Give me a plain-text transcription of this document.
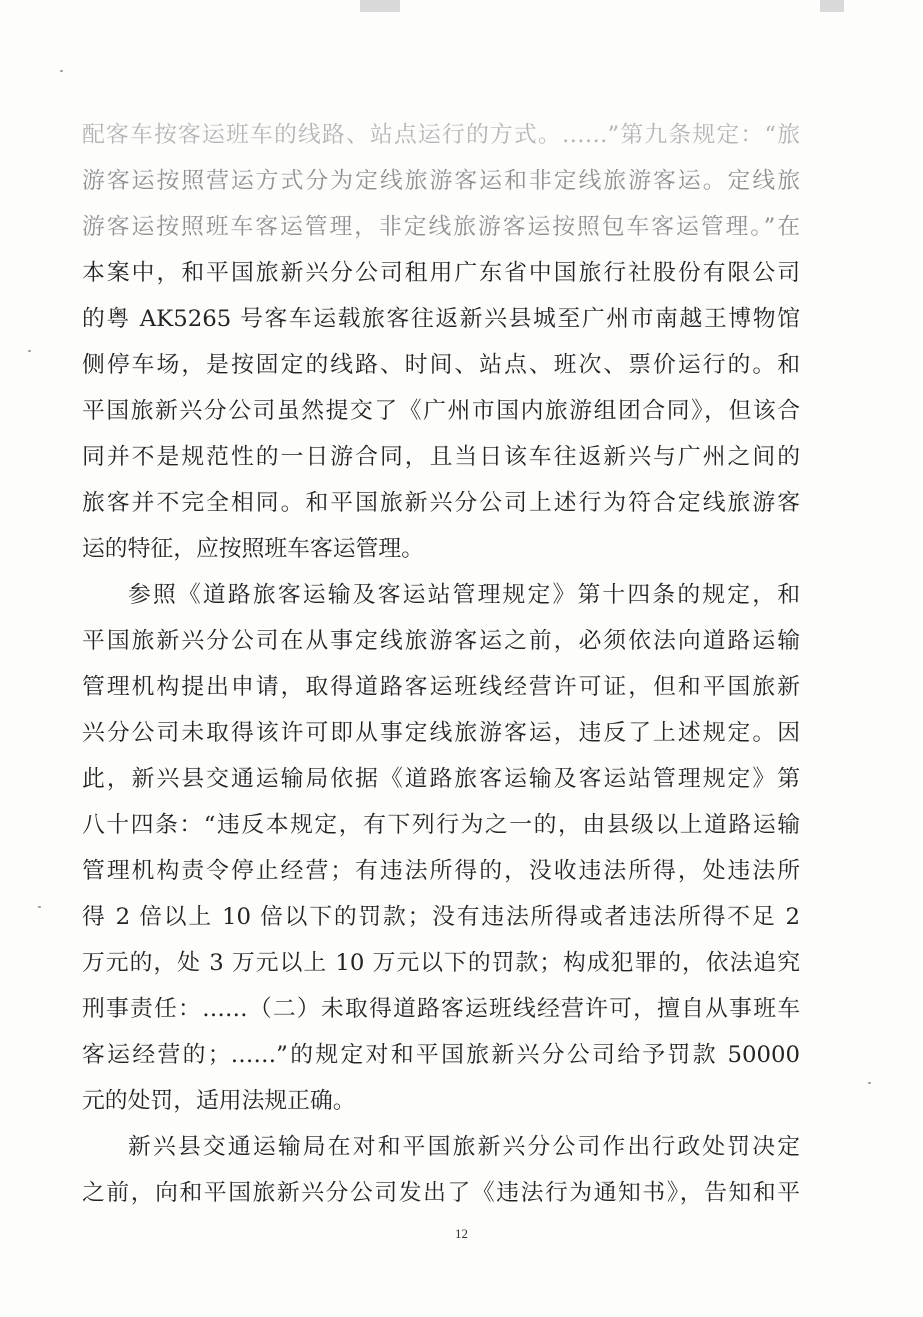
配客车按客运班车的线路、站点运行的方式。……”第九条规定：“旅
游客运按照营运方式分为定线旅游客运和非定线旅游客运。定线旅
游客运按照班车客运管理，非定线旅游客运按照包车客运管理。”在
本案中，和平国旅新兴分公司租用广东省中国旅行社股份有限公司
的粤 AK5265 号客车运载旅客往返新兴县城至广州市南越王博物馆
侧停车场，是按固定的线路、时间、站点、班次、票价运行的。和
平国旅新兴分公司虽然提交了《广州市国内旅游组团合同》，但该合
同并不是规范性的一日游合同，且当日该车往返新兴与广州之间的
旅客并不完全相同。和平国旅新兴分公司上述行为符合定线旅游客
运的特征，应按照班车客运管理。
参照《道路旅客运输及客运站管理规定》第十四条的规定，和
平国旅新兴分公司在从事定线旅游客运之前，必须依法向道路运输
管理机构提出申请，取得道路客运班线经营许可证，但和平国旅新
兴分公司未取得该许可即从事定线旅游客运，违反了上述规定。因
此，新兴县交通运输局依据《道路旅客运输及客运站管理规定》第
八十四条：“违反本规定，有下列行为之一的，由县级以上道路运输
管理机构责令停止经营；有违法所得的，没收违法所得，处违法所
得 2 倍以上 10 倍以下的罚款；没有违法所得或者违法所得不足 2
万元的，处 3 万元以上 10 万元以下的罚款；构成犯罪的，依法追究
刑事责任：……（二）未取得道路客运班线经营许可，擅自从事班车
客运经营的；……”的规定对和平国旅新兴分公司给予罚款 50000
元的处罚，适用法规正确。
新兴县交通运输局在对和平国旅新兴分公司作出行政处罚决定
之前，向和平国旅新兴分公司发出了《违法行为通知书》，告知和平
12
